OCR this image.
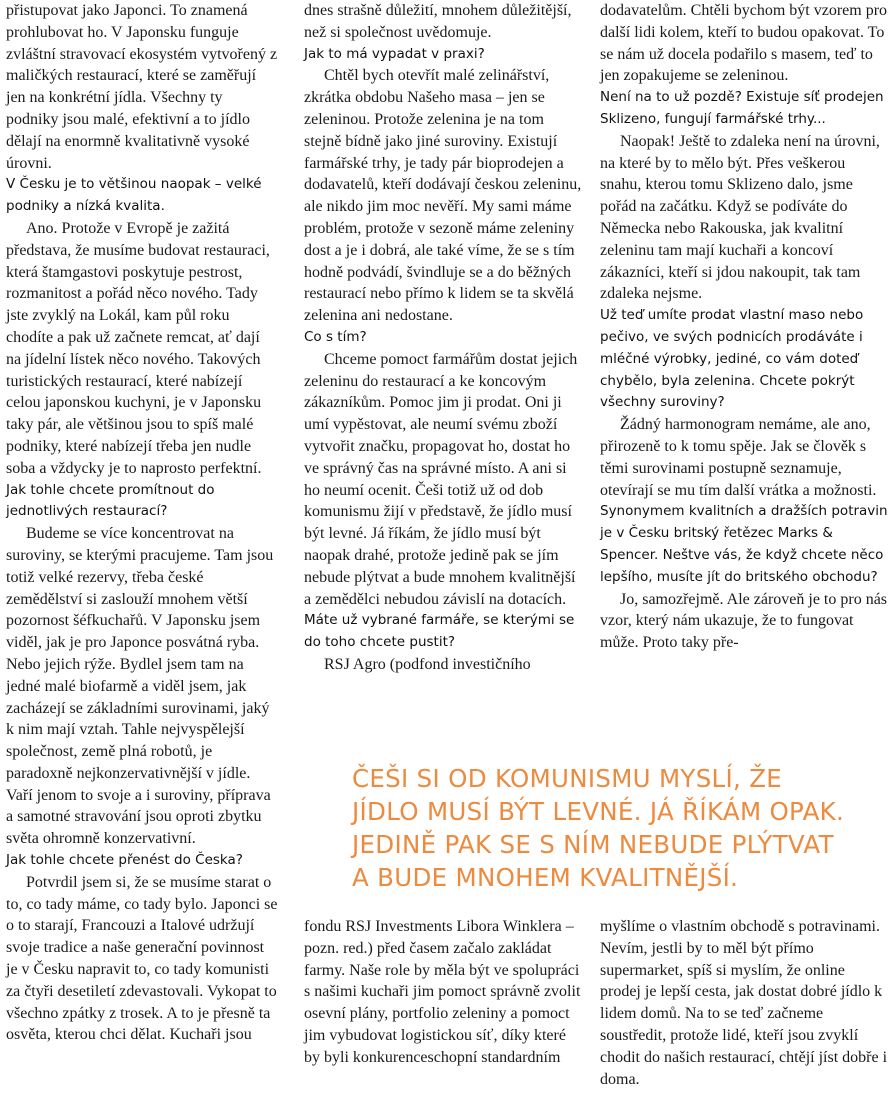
přistupovat jako Japonci. To znamená prohlubovat ho. V Japonsku funguje zvláštní stravovací ekosystém vytvořený z maličkých restaurací, které se zaměřují jen na konkrétní jídla. Všechny ty podniky jsou malé, efektivní a to jídlo dělají na enormně kvalitativně vysoké úrovni.

V Česku je to většinou naopak – velké podniky a nízká kvalita.

Ano. Protože v Evropě je zažitá představa, že musíme budovat restauraci, která štamgastovi poskytuje pestrost, rozmanitost a pořád něco nového. Tady jste zvyklý na Lokál, kam půl roku chodíte a pak už začnete remcat, ať dají na jídelní lístek něco nového. Takových turistických restaurací, které nabízejí celou japonskou kuchyni, je v Japonsku taky pár, ale většinou jsou to spíš malé podniky, které nabízejí třeba jen nudle soba a vždycky je to naprosto perfektní.

Jak tohle chcete promítnout do jednotlivých restaurací?

Budeme se více koncentrovat na suroviny, se kterými pracujeme. Tam jsou totiž velké rezervy, třeba české zemědělství si zaslouží mnohem větší pozornost šéfkuchařů. V Japonsku jsem viděl, jak je pro Japonce posvátná ryba. Nebo jejich rýže. Bydlel jsem tam na jedné malé biofarmě a viděl jsem, jak zacházejí se základními surovinami, jaký k nim mají vztah. Tahle nejvyspělejší společnost, země plná robotů, je paradoxně nejkonzervativnější v jídle. Vaří jenom to svoje a i suroviny, příprava a samotné stravování jsou oproti zbytku světa ohromně konzervativní.

Jak tohle chcete přenést do Česka?

Potvrdil jsem si, že se musíme starat o to, co tady máme, co tady bylo. Japonci se o to starají, Francouzi a Italové udržují svoje tradice a naše generační povinnost je v Česku napravit to, co tady komunisti za čtyři desetiletí zdevastovali. Vykopat to všechno zpátky z trosek. A to je přesně ta osvěta, kterou chci dělat. Kuchaři jsou

dnes strašně důležití, mnohem důležitější, než si společnost uvědomuje.

Jak to má vypadat v praxi?

Chtěl bych otevřít malé zelinářství, zkrátka obdobu Našeho masa – jen se zeleninou. Protože zelenina je na tom stejně bídně jako jiné suroviny. Existují farmářské trhy, je tady pár bioprodejen a dodavatelů, kteří dodávají českou zeleninu, ale nikdo jim moc nevěří. My sami máme problém, protože v sezoně máme zeleniny dost a je i dobrá, ale také víme, že se s tím hodně podvádí, švindluje se a do běžných restaurací nebo přímo k lidem se ta skvělá zelenina ani nedostane.

Co s tím?

Chceme pomoct farmářům dostat jejich zeleninu do restaurací a ke koncovým zákazníkům. Pomoc jim ji prodat. Oni ji umí vypěstovat, ale neumí svému zboží vytvořit značku, propagovat ho, dostat ho ve správný čas na správné místo. A ani si ho neumí ocenit. Češi totiž už od dob komunismu žijí v představě, že jídlo musí být levné. Já říkám, že jídlo musí být naopak drahé, protože jedině pak se jím nebude plýtvat a bude mnohem kvalitnější a zemědělci nebudou závislí na dotacích.

Máte už vybrané farmáře, se kterými se do toho chcete pustit?

RSJ Agro (podfond investičního

dodavatelům. Chtěli bychom být vzorem pro další lidi kolem, kteří to budou opakovat. To se nám už docela podařilo s masem, teď to jen zopakujeme se zeleninou.

Není na to už pozdě? Existuje síť prodejen Sklizeno, fungují farmářské trhy...

Naopak! Ještě to zdaleka není na úrovni, na které by to mělo být. Přes veškerou snahu, kterou tomu Sklizeno dalo, jsme pořád na začátku. Když se podíváte do Německa nebo Rakouska, jak kvalitní zeleninu tam mají kuchaři a koncoví zákazníci, kteří si jdou nakoupit, tak tam zdaleka nejsme.

Už teď umíte prodat vlastní maso nebo pečivo, ve svých podnicích prodáváte i mléčné výrobky, jediné, co vám doteď chybělo, byla zelenina. Chcete pokrýt všechny suroviny?

Žádný harmonogram nemáme, ale ano, přirozeně to k tomu spěje. Jak se člověk s těmi surovinami postupně seznamuje, otevírají se mu tím další vrátka a možnosti.

Synonymem kvalitních a dražších potravin je v Česku britský řetězec Marks & Spencer. Neštve vás, že když chcete něco lepšího, musíte jít do britského obchodu?

Jo, samozřejmě. Ale zároveň je to pro nás vzor, který nám ukazuje, že to fungovat může. Proto taky pře-

ČEŠI SI OD KOMUNISMU MYSLÍ, ŽE JÍDLO MUSÍ BÝT LEVNÉ. JÁ ŘÍKÁM OPAK. JEDINĚ PAK SE S NÍM NEBUDE PLÝTVAT A BUDE MNOHEM KVALITNĚJŠÍ.

fondu RSJ Investments Libora Winklera – pozn. red.) před časem začalo zakládat farmy. Naše role by měla být ve spolupráci s našimi kuchaři jim pomoct správně zvolit osevní plány, portfolio zeleniny a pomoct jim vybudovat logistickou síť, díky které by byli konkurenceschopní standardním

myšlíme o vlastním obchodě s potravinami. Nevím, jestli by to měl být přímo supermarket, spíš si myslím, že online prodej je lepší cesta, jak dostat dobré jídlo k lidem domů. Na to se teď začneme soustředit, protože lidé, kteří jsou zvyklí chodit do našich restaurací, chtějí jíst dobře i doma.
